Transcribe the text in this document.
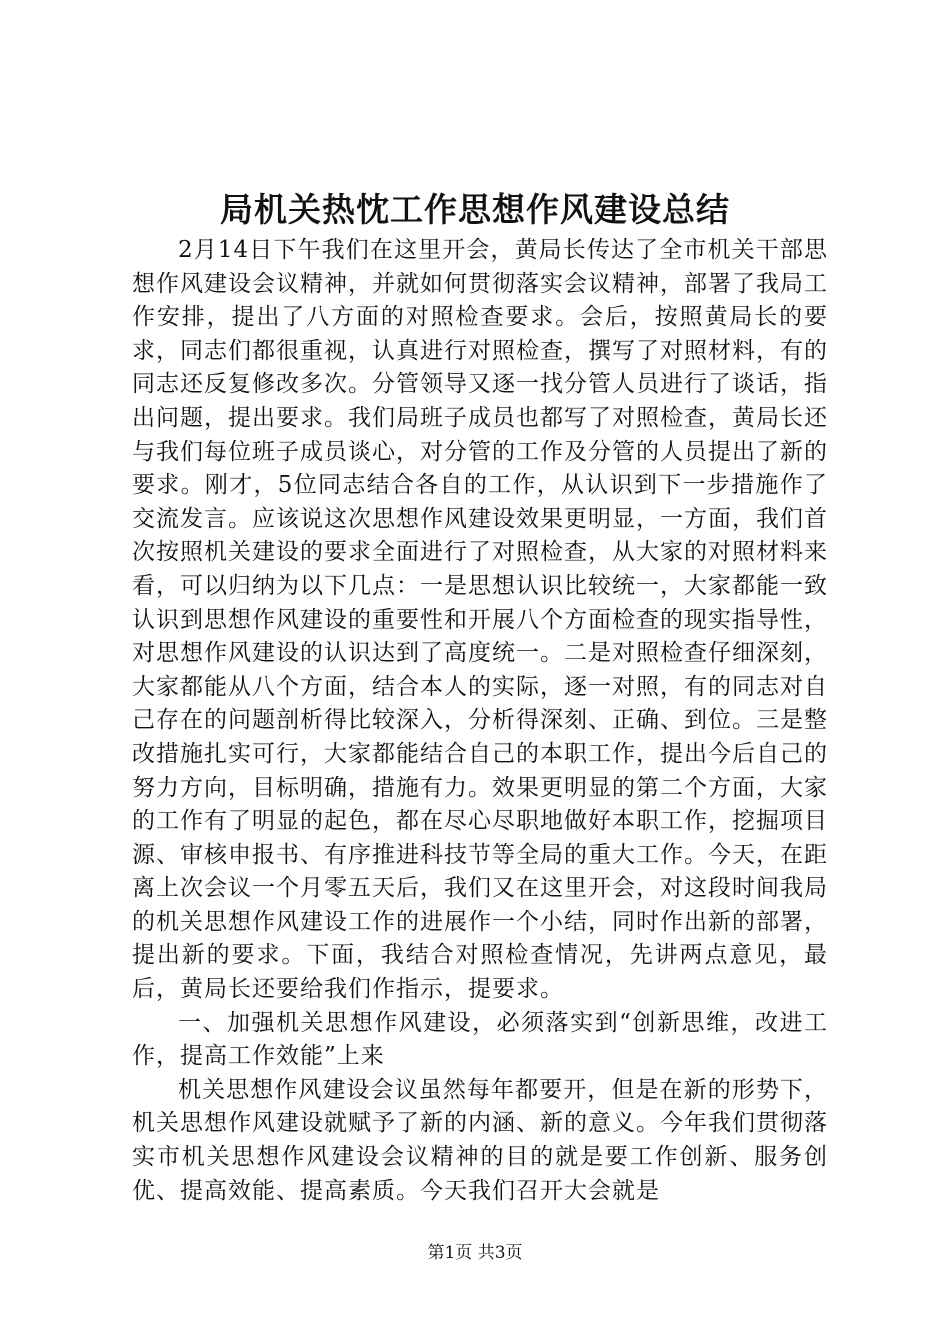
局机关热忱工作思想作风建设总结

2月14日下午我们在这里开会，黄局长传达了全市机关干部思想作风建设会议精神，并就如何贯彻落实会议精神，部署了我局工作安排，提出了八方面的对照检查要求。会后，按照黄局长的要求，同志们都很重视，认真进行对照检查，撰写了对照材料，有的同志还反复修改多次。分管领导又逐一找分管人员进行了谈话，指出问题，提出要求。我们局班子成员也都写了对照检查，黄局长还与我们每位班子成员谈心，对分管的工作及分管的人员提出了新的要求。刚才，5位同志结合各自的工作，从认识到下一步措施作了交流发言。应该说这次思想作风建设效果更明显，一方面，我们首次按照机关建设的要求全面进行了对照检查，从大家的对照材料来看，可以归纳为以下几点：一是思想认识比较统一，大家都能一致认识到思想作风建设的重要性和开展八个方面检查的现实指导性，对思想作风建设的认识达到了高度统一。二是对照检查仔细深刻，大家都能从八个方面，结合本人的实际，逐一对照，有的同志对自己存在的问题剖析得比较深入，分析得深刻、正确、到位。三是整改措施扎实可行，大家都能结合自己的本职工作，提出今后自己的努力方向，目标明确，措施有力。效果更明显的第二个方面，大家的工作有了明显的起色，都在尽心尽职地做好本职工作，挖掘项目源、审核申报书、有序推进科技节等全局的重大工作。今天，在距离上次会议一个月零五天后，我们又在这里开会，对这段时间我局的机关思想作风建设工作的进展作一个小结，同时作出新的部署，提出新的要求。下面，我结合对照检查情况，先讲两点意见，最后，黄局长还要给我们作指示，提要求。

一、加强机关思想作风建设，必须落实到“创新思维，改进工作，提高工作效能”上来

机关思想作风建设会议虽然每年都要开，但是在新的形势下，机关思想作风建设就赋予了新的内涵、新的意义。今年我们贯彻落实市机关思想作风建设会议精神的目的就是要工作创新、服务创优、提高效能、提高素质。今天我们召开大会就是

第1页 共3页
